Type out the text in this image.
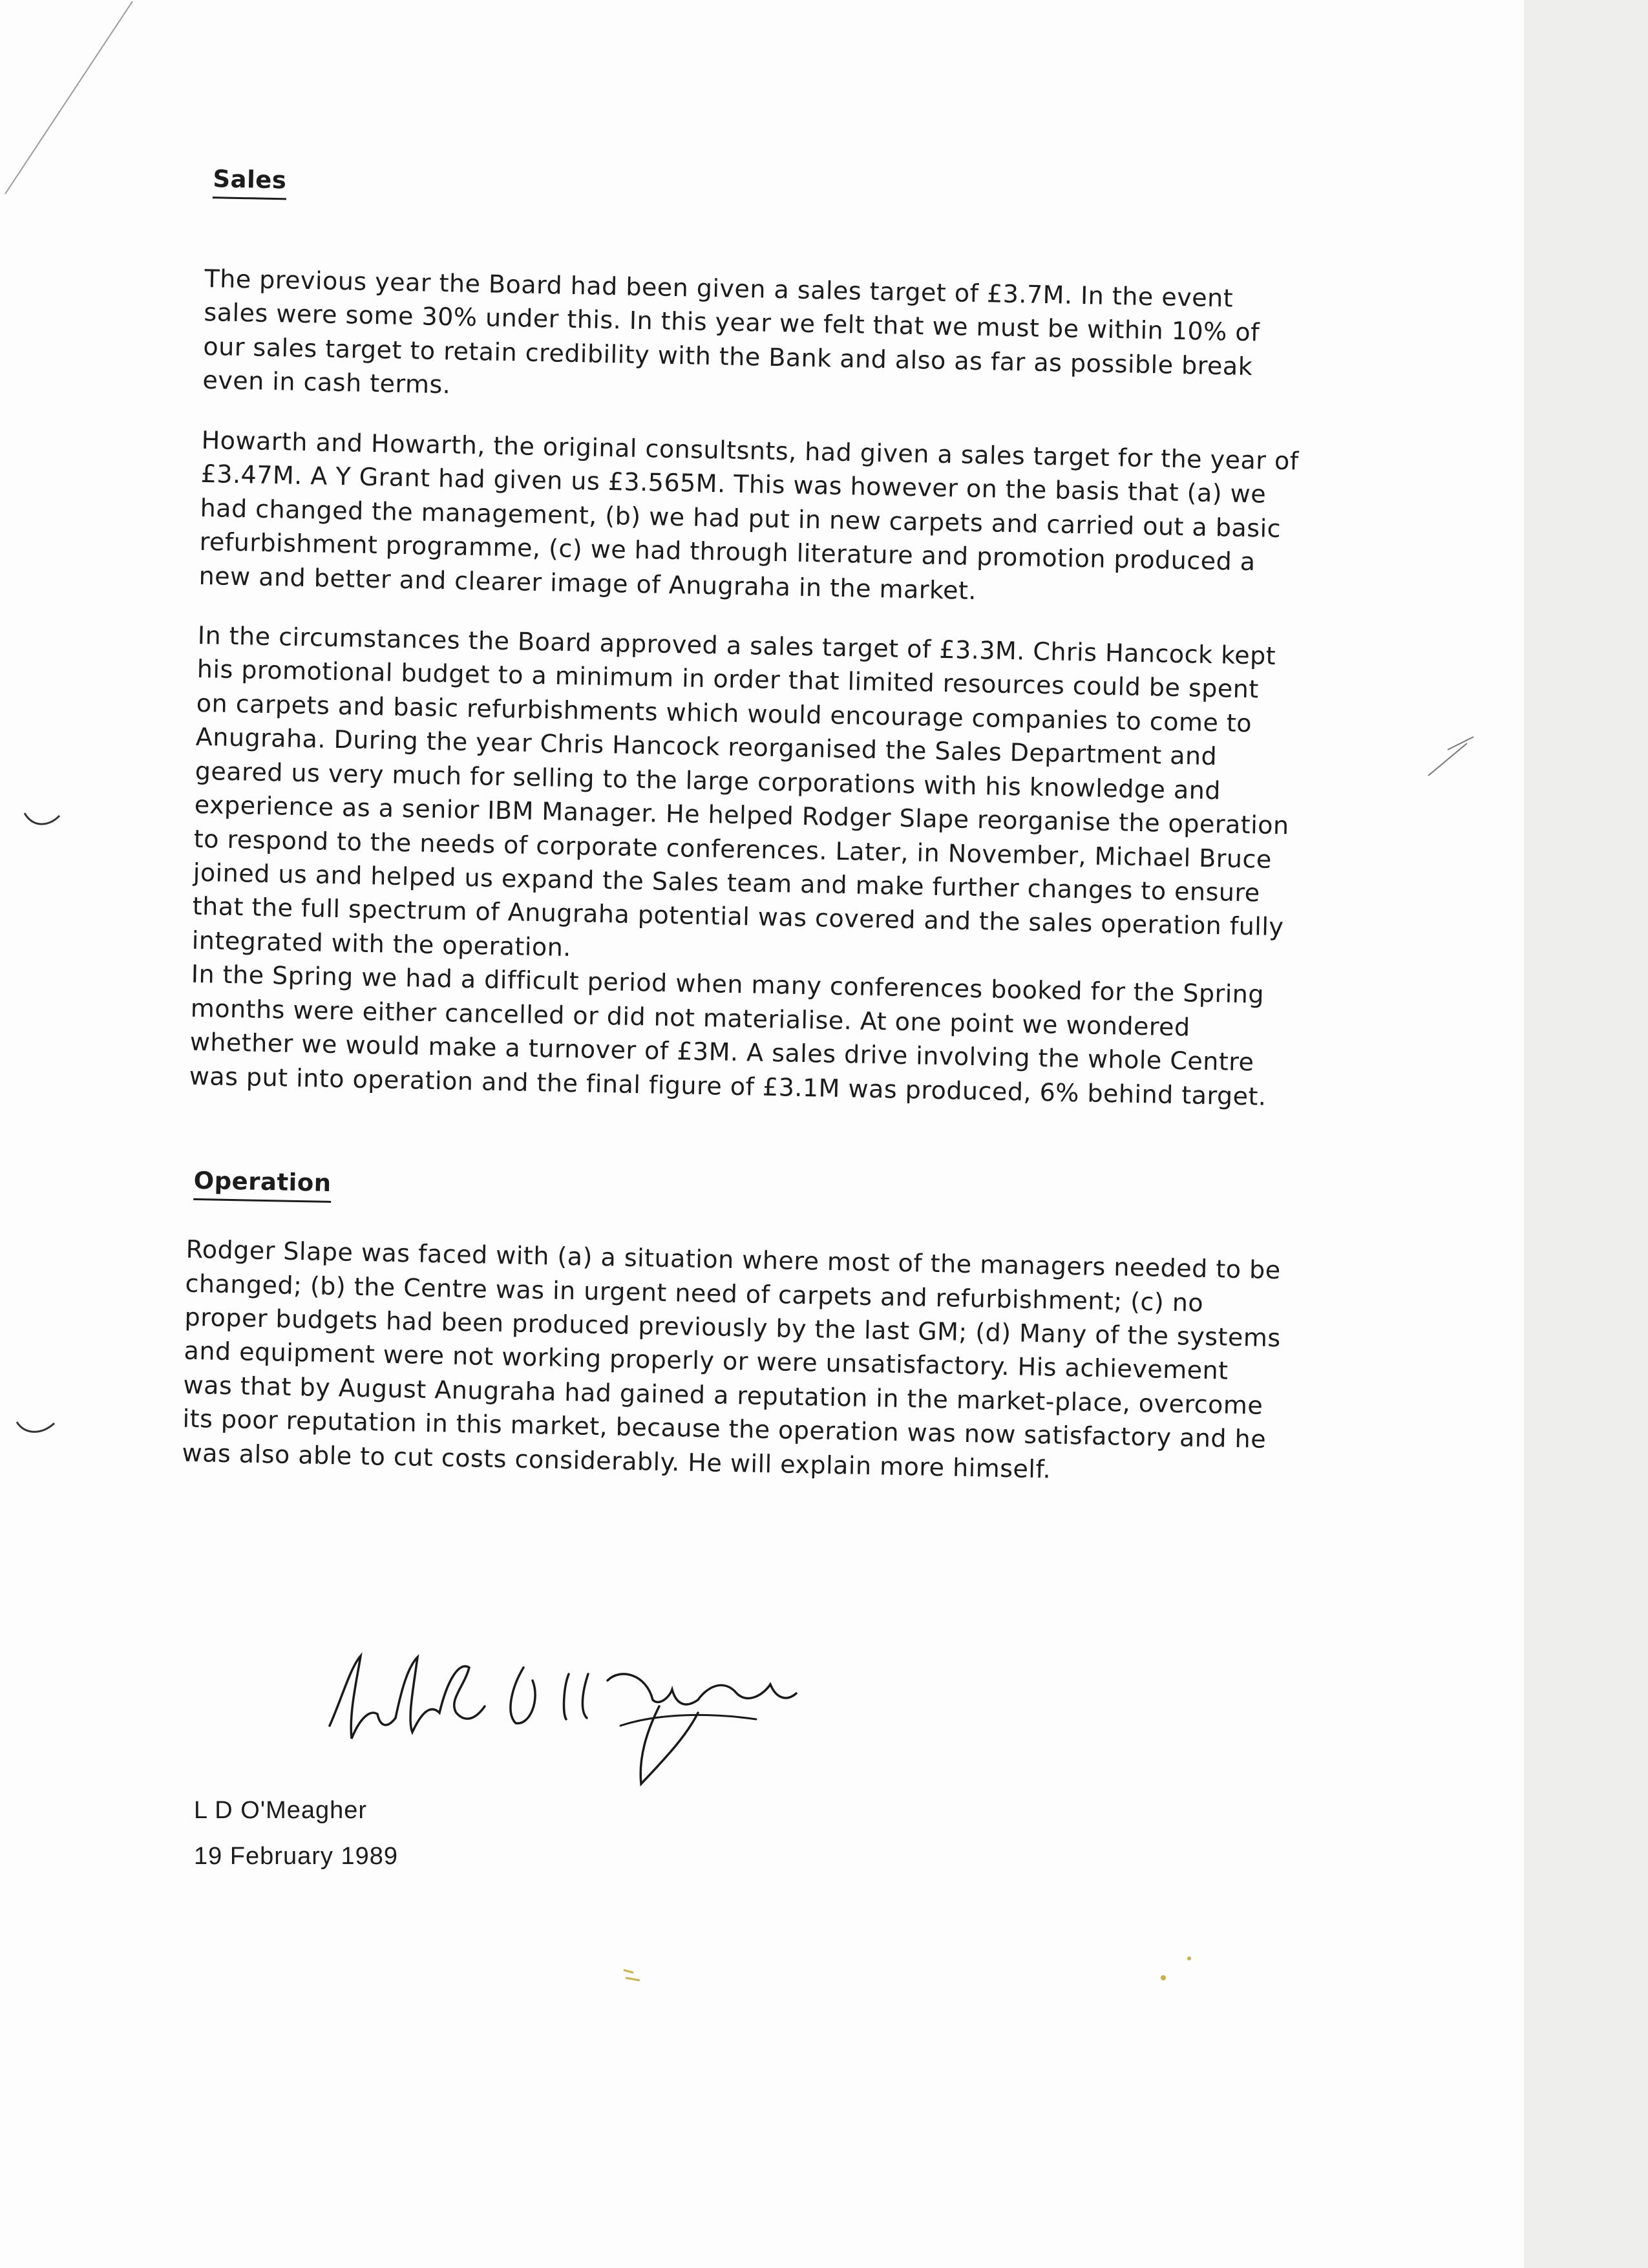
Sales

The previous year the Board had been given a sales target of £3.7M. In the event sales were some 30% under this. In this year we felt that we must be within 10% of our sales target to retain credibility with the Bank and also as far as possible break even in cash terms.

Howarth and Howarth, the original consultsnts, had given a sales target for the year of £3.47M. A Y Grant had given us £3.565M. This was however on the basis that (a) we had changed the management, (b) we had put in new carpets and carried out a basic refurbishment programme, (c) we had through literature and promotion produced a new and better and clearer image of Anugraha in the market.

In the circumstances the Board approved a sales target of £3.3M. Chris Hancock kept his promotional budget to a minimum in order that limited resources could be spent on carpets and basic refurbishments which would encourage companies to come to Anugraha. During the year Chris Hancock reorganised the Sales Department and geared us very much for selling to the large corporations with his knowledge and experience as a senior IBM Manager. He helped Rodger Slape reorganise the operation to respond to the needs of corporate conferences. Later, in November, Michael Bruce joined us and helped us expand the Sales team and make further changes to ensure that the full spectrum of Anugraha potential was covered and the sales operation fully integrated with the operation.

In the Spring we had a difficult period when many conferences booked for the Spring months were either cancelled or did not materialise. At one point we wondered whether we would make a turnover of £3M. A sales drive involving the whole Centre was put into operation and the final figure of £3.1M was produced, 6% behind target.

Operation

Rodger Slape was faced with (a) a situation where most of the managers needed to be changed; (b) the Centre was in urgent need of carpets and refurbishment; (c) no proper budgets had been produced previously by the last GM; (d) Many of the systems and equipment were not working properly or were unsatisfactory. His achievement was that by August Anugraha had gained a reputation in the market-place, overcome its poor reputation in this market, because the operation was now satisfactory and he was also able to cut costs considerably. He will explain more himself.

L D O'Meagher
19 February 1989
